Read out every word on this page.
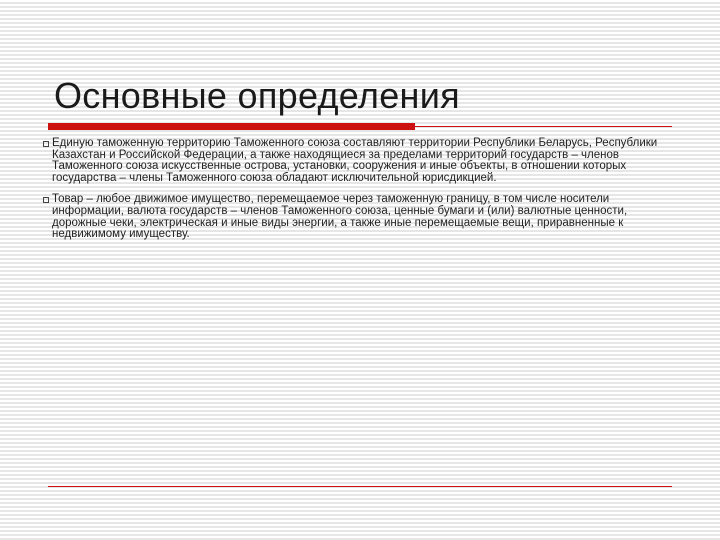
Основные определения
Единую таможенную территорию Таможенного союза составляют территории Республики Беларусь, Республики Казахстан и Российской Федерации, а также находящиеся за пределами территорий государств – членов Таможенного союза искусственные острова, установки, сооружения и иные объекты, в отношении которых государства – члены Таможенного союза обладают исключительной юрисдикцией.
Товар – любое движимое имущество, перемещаемое через таможенную границу, в том числе носители информации, валюта государств – членов Таможенного союза, ценные бумаги и (или) валютные ценности, дорожные чеки, электрическая и иные виды энергии, а также иные перемещаемые вещи, приравненные к недвижимому имуществу.
